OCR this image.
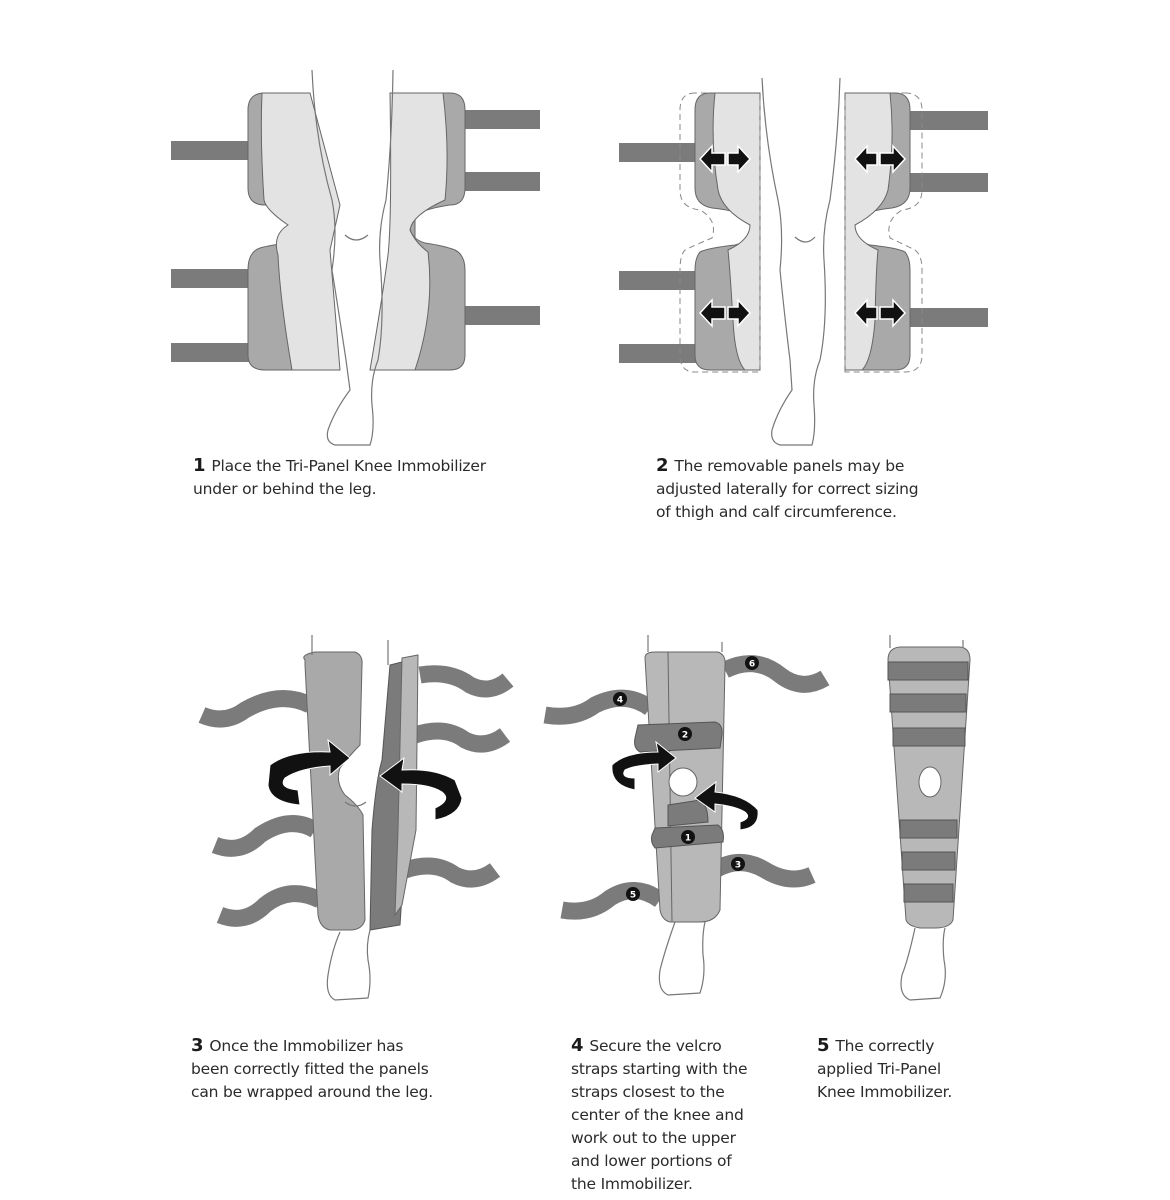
1
2
3
4
5
6
1 Place the Tri-Panel Knee Immobilizer
under or behind the leg.
2 The removable panels may be
adjusted laterally for correct sizing
of thigh and calf circumference.
3 Once the Immobilizer has
been correctly fitted the panels
can be wrapped around the leg.
4 Secure the velcro
straps starting with the
straps closest to the
center of the knee and
work out to the upper
and lower portions of
the Immobilizer.
5 The correctly
applied Tri-Panel
Knee Immobilizer.
